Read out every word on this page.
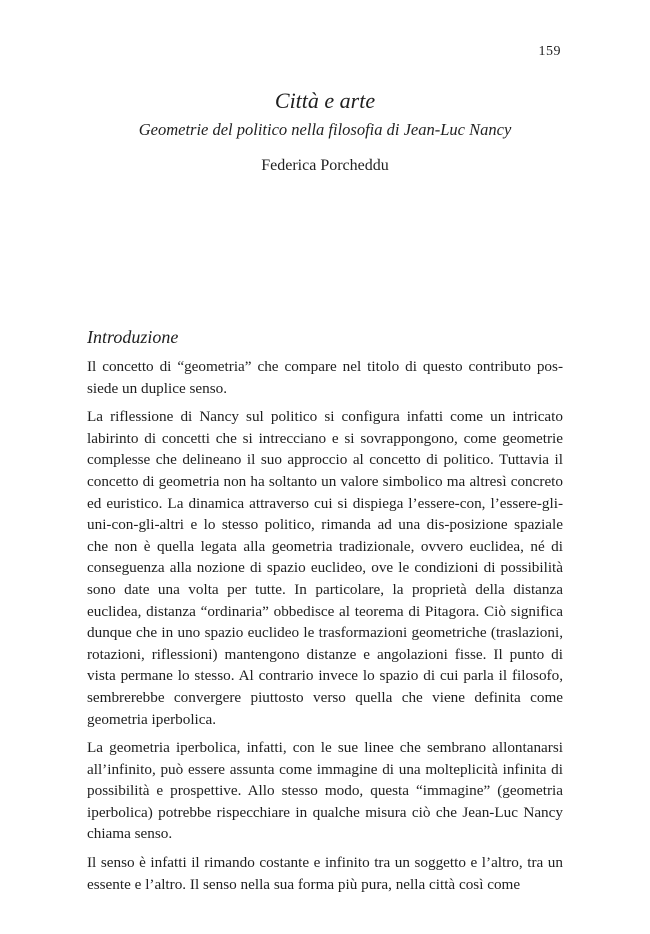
159
Città e arte
Geometrie del politico nella filosofia di Jean-Luc Nancy
Federica Porcheddu
Introduzione

Il concetto di “geometria” che compare nel titolo di questo contributo possiede un duplice senso.

La riflessione di Nancy sul politico si configura infatti come un intricato labirinto di concetti che si intrecciano e si sovrappongono, come geometrie complesse che delineano il suo approccio al concetto di politico. Tuttavia il concetto di geometria non ha soltanto un valore simbolico ma altresì concreto ed euristico. La dinamica attraverso cui si dispiega l’essere-con, l’essere-gli-uni-con-gli-altri e lo stesso politico, rimanda ad una dis-posizione spaziale che non è quella legata alla geometria tradizionale, ovvero euclidea, né di conseguenza alla nozione di spazio euclideo, ove le condizioni di possibilità sono date una volta per tutte. In particolare, la proprietà della distanza euclidea, distanza “ordinaria” obbedisce al teorema di Pitagora. Ciò significa dunque che in uno spazio euclideo le trasformazioni geometriche (traslazioni, rotazioni, riflessioni) mantengono distanze e angolazioni fisse. Il punto di vista permane lo stesso. Al contrario invece lo spazio di cui parla il filosofo, sembrerebbe convergere piuttosto verso quella che viene definita come geometria iperbolica.

La geometria iperbolica, infatti, con le sue linee che sembrano allontanarsi all’infinito, può essere assunta come immagine di una molteplicità infinita di possibilità e prospettive. Allo stesso modo, questa “immagine” (geometria iperbolica) potrebbe rispecchiare in qualche misura ciò che Jean-Luc Nancy chiama senso.

Il senso è infatti il rimando costante e infinito tra un soggetto e l’altro, tra un essente e l’altro. Il senso nella sua forma più pura, nella città così come
